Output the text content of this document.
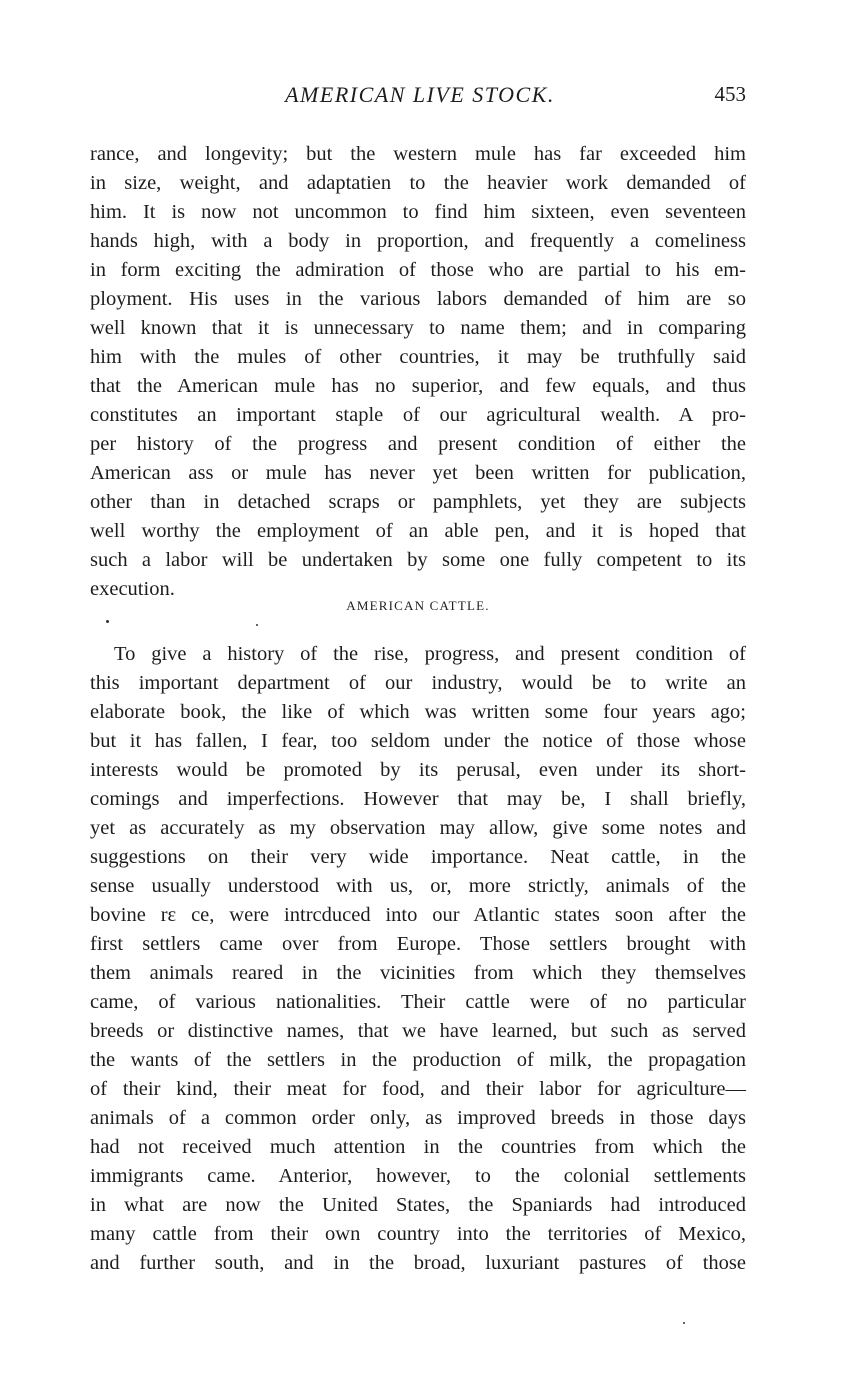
AMERICAN LIVE STOCK.	453
rance, and longevity; but the western mule has far exceeded him
in size, weight, and adaptatien to the heavier work demanded of
him. It is now not uncommon to find him sixteen, even seventeen
hands high, with a body in proportion, and frequently a comeliness
in form exciting the admiration of those who are partial to his em-
ployment. His uses in the various labors demanded of him are so
well known that it is unnecessary to name them; and in comparing
him with the mules of other countries, it may be truthfully said
that the American mule has no superior, and few equals, and thus
constitutes an important staple of our agricultural wealth. A pro-
per history of the progress and present condition of either the
American ass or mule has never yet been written for publication,
other than in detached scraps or pamphlets, yet they are subjects
well worthy the employment of an able pen, and it is hoped that
such a labor will be undertaken by some one fully competent to its
execution.
AMERICAN CATTLE.
To give a history of the rise, progress, and present condition of
this important department of our industry, would be to write an
elaborate book, the like of which was written some four years ago;
but it has fallen, I fear, too seldom under the notice of those whose
interests would be promoted by its perusal, even under its short-
comings and imperfections. However that may be, I shall briefly,
yet as accurately as my observation may allow, give some notes and
suggestions on their very wide importance. Neat cattle, in the
sense usually understood with us, or, more strictly, animals of the
bovine rε ce, were intrcduced into our Atlantic states soon after the
first settlers came over from Europe. Those settlers brought with
them animals reared in the vicinities from which they themselves
came, of various nationalities. Their cattle were of no particular
breeds or distinctive names, that we have learned, but such as served
the wants of the settlers in the production of milk, the propagation
of their kind, their meat for food, and their labor for agriculture—
animals of a common order only, as improved breeds in those days
had not received much attention in the countries from which the
immigrants came. Anterior, however, to the colonial settlements
in what are now the United States, the Spaniards had introduced
many cattle from their own country into the territories of Mexico,
and further south, and in the broad, luxuriant pastures of those
